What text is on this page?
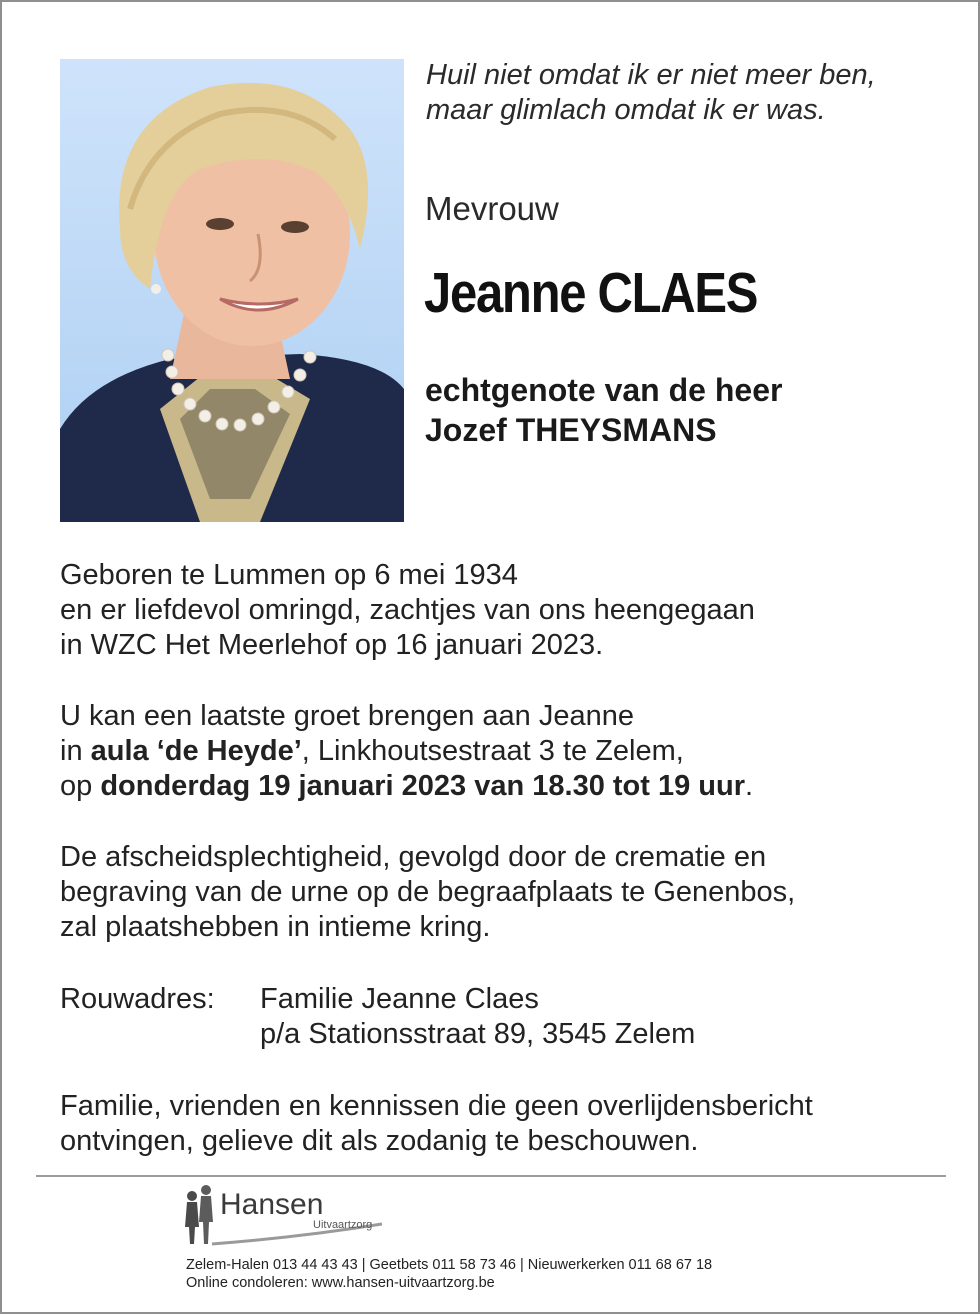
Huil niet omdat ik er niet meer ben,
maar glimlach omdat ik er was.
Mevrouw
Jeanne CLAES
echtgenote van de heer
Jozef THEYSMANS
Geboren te Lummen op 6 mei 1934
en er liefdevol omringd, zachtjes van ons heengegaan
in WZC Het Meerlehof op 16 januari 2023.
U kan een laatste groet brengen aan Jeanne
in aula ‘de Heyde’, Linkhoutsestraat 3 te Zelem,
op donderdag 19 januari 2023 van 18.30 tot 19 uur.
De afscheidsplechtigheid, gevolgd door de crematie en
begraving van de urne op de begraafplaats te Genenbos,
zal plaatshebben in intieme kring.
Rouwadres: Familie Jeanne Claes
p/a Stationsstraat 89, 3545 Zelem
Familie, vrienden en kennissen die geen overlijdensbericht
ontvingen, gelieve dit als zodanig te beschouwen.
Hansen
Uitvaartzorg
Zelem-Halen 013 44 43 43 | Geetbets 011 58 73 46 | Nieuwerkerken 011 68 67 18
Online condoleren: www.hansen-uitvaartzorg.be
